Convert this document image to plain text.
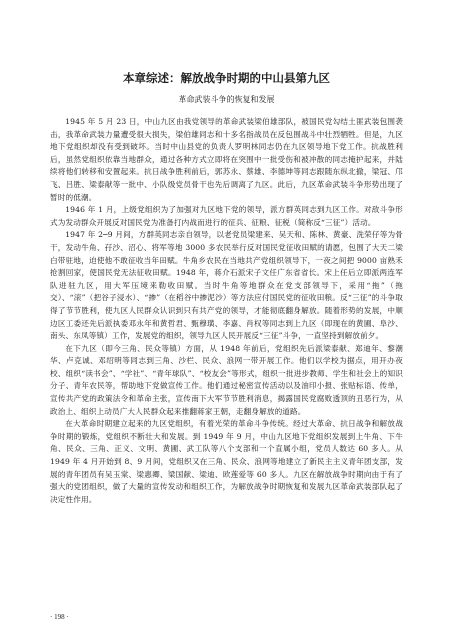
本章综述：解放战争时期的中山县第九区

革命武装斗争的恢复和发展

1945 年 5 月 23 日，中山九区由我党领导的革命武装梁伯雄部队，被国民党勾结土匪武装包围袭击，我革命武装力量遭受很大损失，梁伯雄同志和十多名指战员在反包围战斗中壮烈牺牲。但是，九区地下党组织却没有受到破坏。当时中山县党的负责人罗明林同志仍在九区领导地下党工作。抗战胜利后，虽然党组织依靠当地群众，通过各种方式立即将在突围中一批受伤和被冲散的同志掩护起来，并陆续将他们转移和安置起来。抗日战争胜利前后，郭苏永、蔡雄、李德坤等同志跟随东纵北撤，梁冠、邝飞、吕胜、梁泰献等一批中、小队级党员骨干也先后调离了九区。此后，九区革命武装斗争形势出现了暂时的低潮。

1946 年 1 月，上级党组织为了加强对九区地下党的领导，派方群英同志到九区工作。对敌斗争形式为发动群众开展反对国民党为准备打内战而进行的征兵、征粮、征税（简称反“三征”）活动。

1947 年 2─9 月间，方群英同志亲自领导，以老党员梁建来、吴天和、陈林、黄豪、洗荣仔等为骨干，发动牛角、孖沙、沼心、将军等地 3000 多农民举行反对国民党征收田赋的请愿，包围了大天二梁白带驻地，迫使他不敢征收当年田赋。牛角乡农民在当地共产党组织领导下，一夜之间把 9000 亩熟禾抢割回家，使国民党无法征收田赋。1948 年，蒋介石派宋子文任广东省省长。宋上任后立即派两连军队进驻九区，用大军压境来勒收田赋。当时牛角等地群众在党支部领导下，采用“拖”（拖交）、“滚”（把谷子浸水）、“掺”（在稻谷中掺泥沙）等方法应付国民党的征收田粮。反“三征”的斗争取得了节节胜利，使九区人民群众认识到只有共产党的领导，才能彻底翻身解放。随着形势的发展，中顺边区工委还先后派执委邓永年和黄哲君、甄穆璜、李嘉、肖权等同志到上九区（即现在的黄圃、阜沙、南头、东凤等镇）工作，发展党的组织，领导九区人民开展反“三征”斗争，一直坚持到解放前夕。

在下九区（即今三角、民众等镇）方面，从 1948 年前后，党组织先后派梁泰献、郑迪年、黎潮华、卢克诚、邓绍明等同志到三角、沙栏、民众、浪网一带开展工作。他们以学校为据点，用开办夜校、组织“读书会”、“学社”、“青年球队”、“校友会”等形式，组织一批进步教师、学生和社会上的知识分子、青年农民等，帮助地下党做宣传工作。他们通过秘密宣传活动以及油印小报、张贴标语、传单，宣传共产党的政策法令和革命主张，宣传南下大军节节胜利消息，揭露国民党腐败透顶的丑恶行为，从政治上、组织上动员广大人民群众起来推翻蒋家王朝，走翻身解放的道路。

在大革命时期建立起来的九区党组织，有着光荣的革命斗争传统。经过大革命、抗日战争和解放战争时期的锻炼，党组织不断壮大和发展。到 1949 年 9 月，中山九区地下党组织发展到上牛角、下牛角、民众、三角、正义、文明、黄圃、武工队等八个支部和一个直属小组，党员人数达 60 多人。从 1949 年 4 月开始到 8、9 月间，党组织又在三角、民众、浪网等地建立了新民主主义青年团支部，发展的青年团员有吴玉棠、梁惠卿、梁国献、梁迪、欧莲爱等 60 多人。九区在解放战争时期向由于有了强大的党团组织，做了大量的宣传发动和组织工作，为解放战争时期恢复和发展九区革命武装部队起了决定性作用。

· 198 ·
